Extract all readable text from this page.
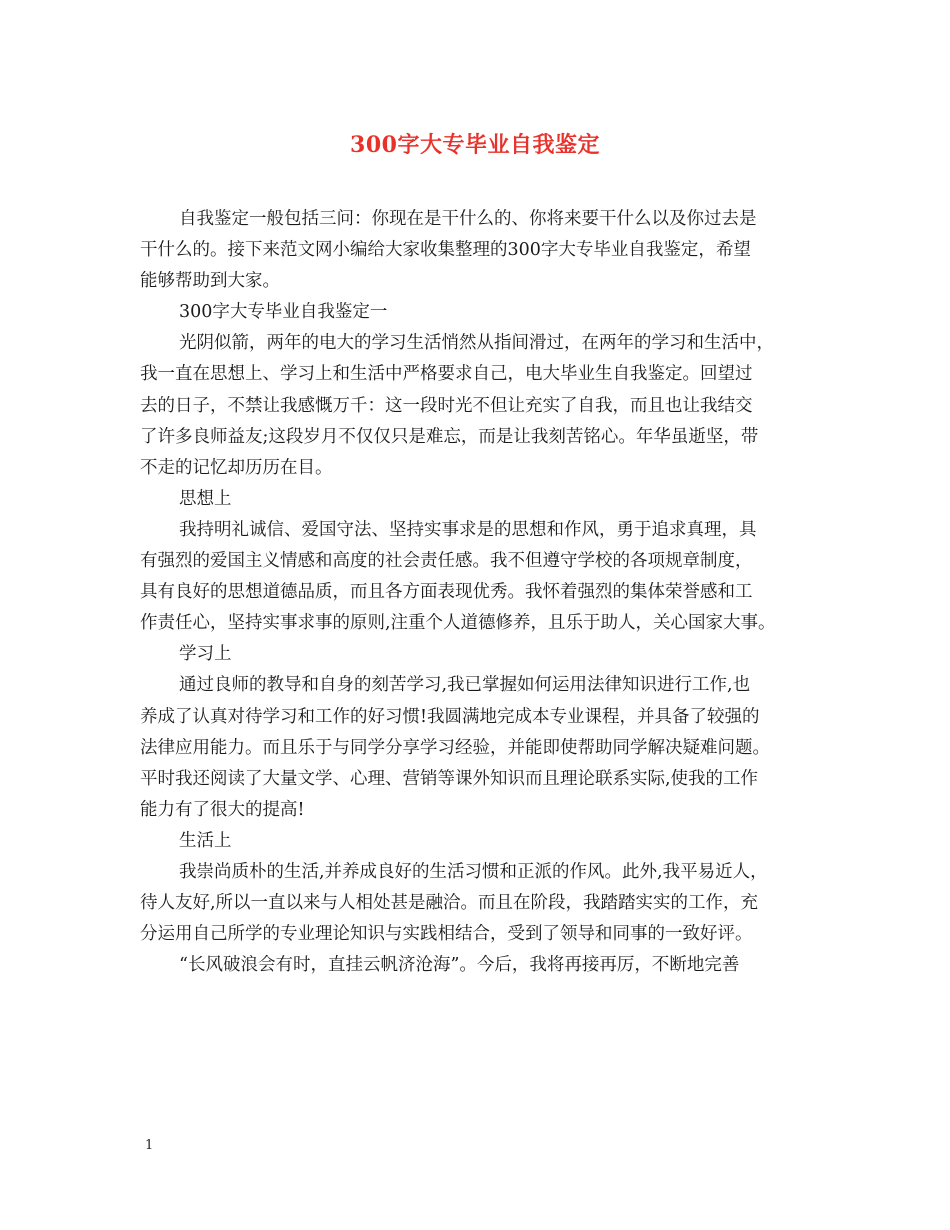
300字大专毕业自我鉴定
自我鉴定一般包括三问：你现在是干什么的、你将来要干什么以及你过去是
干什么的。接下来范文网小编给大家收集整理的300字大专毕业自我鉴定，希望
能够帮助到大家。
300字大专毕业自我鉴定一
光阴似箭，两年的电大的学习生活悄然从指间滑过，在两年的学习和生活中，
我一直在思想上、学习上和生活中严格要求自己，电大毕业生自我鉴定。回望过
去的日子，不禁让我感慨万千：这一段时光不但让充实了自我，而且也让我结交
了许多良师益友;这段岁月不仅仅只是难忘，而是让我刻苦铭心。年华虽逝坚，带
不走的记忆却历历在目。
思想上
我持明礼诚信、爱国守法、坚持实事求是的思想和作风，勇于追求真理，具
有强烈的爱国主义情感和高度的社会责任感。我不但遵守学校的各项规章制度，
具有良好的思想道德品质，而且各方面表现优秀。我怀着强烈的集体荣誉感和工
作责任心，坚持实事求事的原则,注重个人道德修养，且乐于助人，关心国家大事。
学习上
通过良师的教导和自身的刻苦学习,我已掌握如何运用法律知识进行工作,也
养成了认真对待学习和工作的好习惯!我圆满地完成本专业课程，并具备了较强的
法律应用能力。而且乐于与同学分享学习经验，并能即使帮助同学解决疑难问题。
平时我还阅读了大量文学、心理、营销等课外知识而且理论联系实际,使我的工作
能力有了很大的提高!
生活上
我崇尚质朴的生活,并养成良好的生活习惯和正派的作风。此外,我平易近人，
待人友好,所以一直以来与人相处甚是融洽。而且在阶段，我踏踏实实的工作，充
分运用自己所学的专业理论知识与实践相结合，受到了领导和同事的一致好评。
“长风破浪会有时，直挂云帆济沧海”。今后，我将再接再厉，不断地完善
1
